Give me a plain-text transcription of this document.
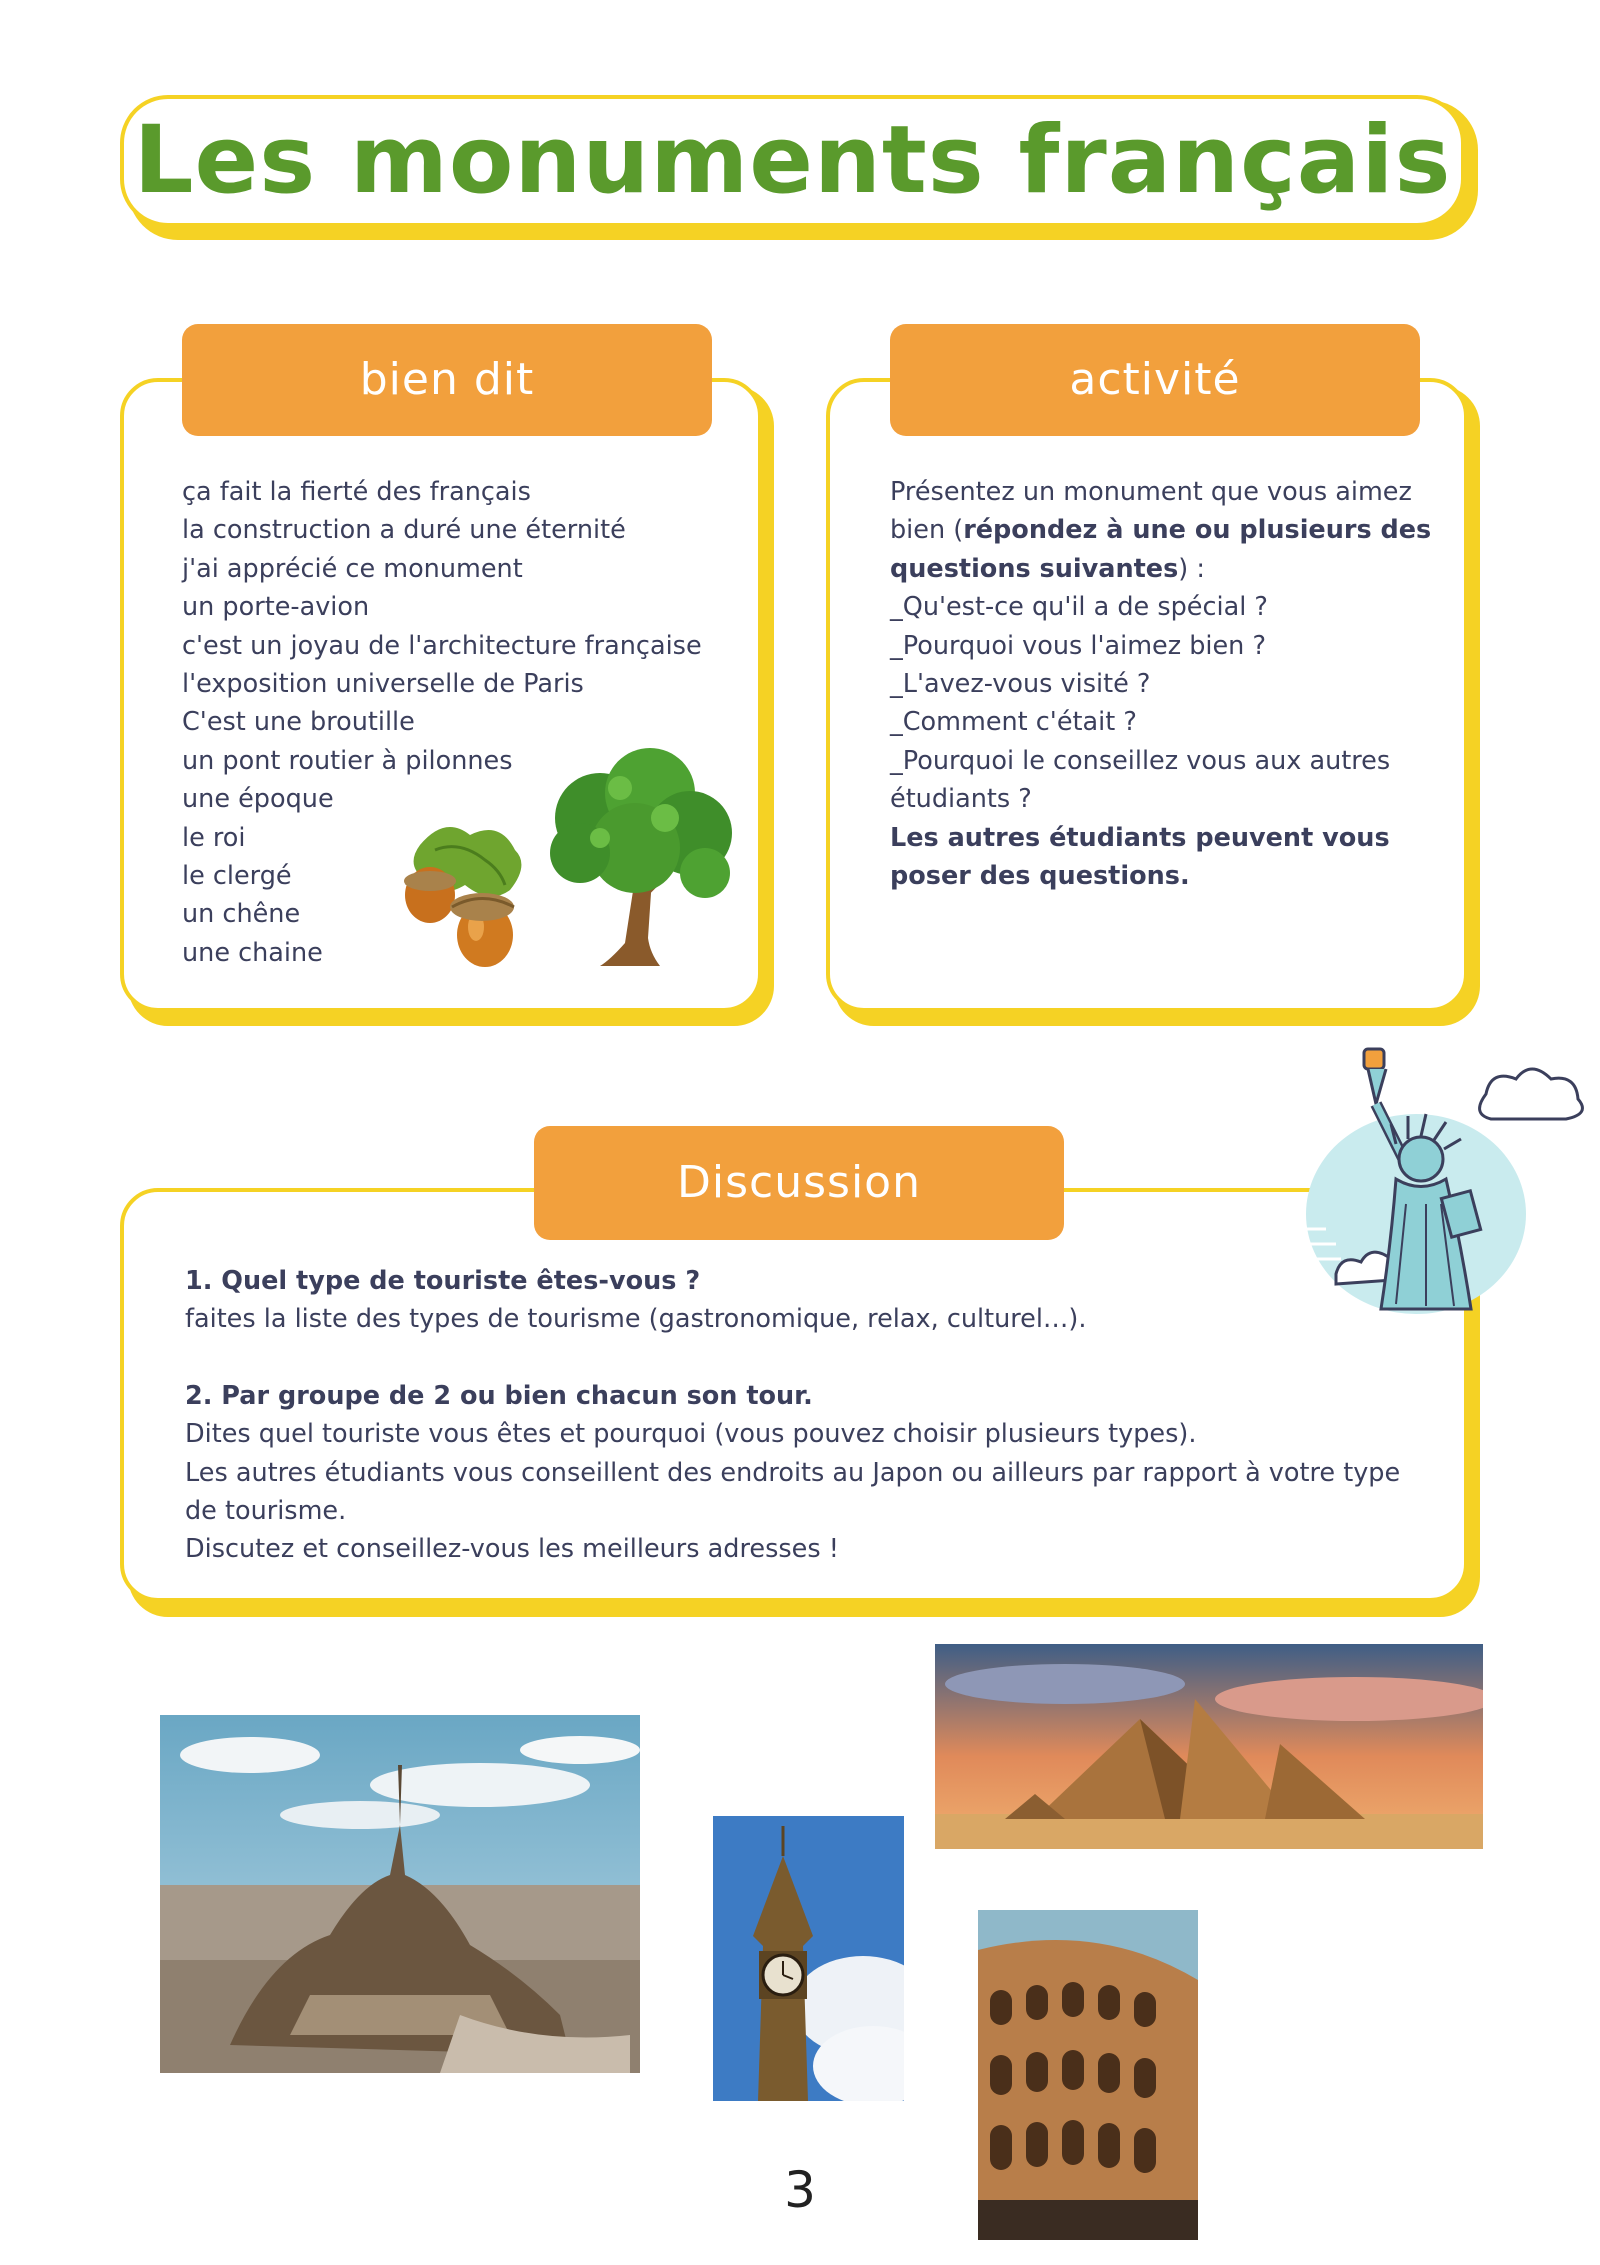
Les monuments français
bien dit
ça fait la fierté des français
la construction a duré une éternité
j'ai apprécié ce monument
un porte-avion
c'est un joyau de l'architecture française
l'exposition universelle de Paris
C'est une broutille
un pont routier à pilonnes
une époque
le roi
le clergé
un chêne
une chaine
activité

Présentez un monument que vous aimez bien (répondez à une ou plusieurs des questions suivantes) :

_Qu'est-ce qu'il a de spécial ?

_Pourquoi vous l'aimez bien ?

_L'avez-vous visité ?

_Comment c'était ?

_Pourquoi le conseillez vous aux autres étudiants ?

Les autres étudiants peuvent vous poser des questions.

Discussion

1. Quel type de touriste êtes-vous ?

faites la liste des types de tourisme (gastronomique, relax, culturel…).

2. Par groupe de 2 ou bien chacun son tour.

Dites quel touriste vous êtes et pourquoi (vous pouvez choisir plusieurs types).

Les autres étudiants vous conseillent des endroits au Japon ou ailleurs par rapport à votre type de tourisme.

Discutez et conseillez-vous les meilleurs adresses !

3
